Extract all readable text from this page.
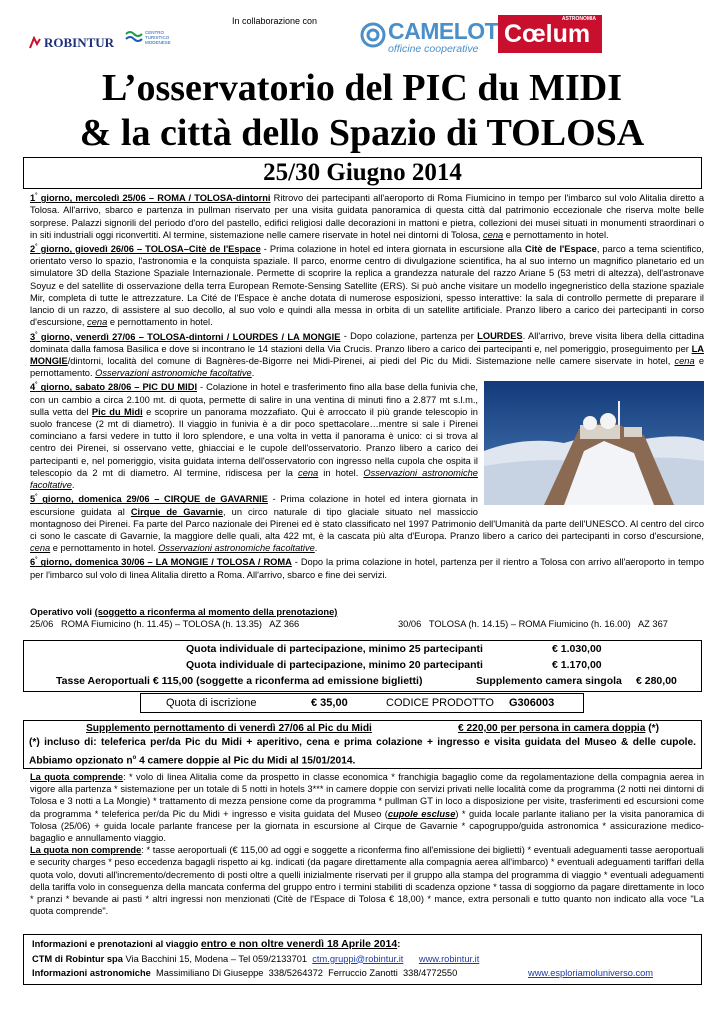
In collaborazione con
ROBINTUR
CENTRO
TURISTICO
MODENESE	CAMELOT
officine cooperative
ASTRONOMIA
Cœlum
L’osservatorio del PIC du MIDI
& la città dello Spazio di TOLOSA
25/30 Giugno 2014
1° giorno, mercoledì 25/06 – ROMA / TOLOSA-dintorni Ritrovo dei partecipanti all'aeroporto di Roma Fiumicino in tempo per l'imbarco sul volo Alitalia diretto a Tolosa. All'arrivo, sbarco e partenza in pullman riservato per una visita guidata panoramica di questa città dal patrimonio eccezionale che riserva molte belle sorprese. Palazzi signorili del periodo d'oro del pastello, edifici religiosi dalle decorazioni in mattoni e pietra, collezioni dei musei situati in monumenti straordinari o in siti industriali oggi riconvertiti. Al termine, sistemazione nelle camere riservate in hotel nei dintorni di Tolosa, cena e pernottamento in hotel.
2° giorno, giovedì 26/06 – TOLOSA–Citè de l'Espace - Prima colazione in hotel ed intera giornata in escursione alla Citè de l'Espace, parco a tema scientifico, orientato verso lo spazio, l'astronomia e la conquista spaziale. Il parco, enorme centro di divulgazione scientifica, ha al suo interno un magnifico planetario ed un simulatore 3D della Stazione Spaziale Internazionale. Permette di scoprire la replica a grandezza naturale del razzo Ariane 5 (53 metri di altezza), dell'astronave Soyuz e del satellite di osservazione della terra European Remote-Sensing Satellite (ERS). Si può anche visitare un modello ingegneristico della stazione spaziale Mir, completa di tutte le attrezzature. La Cité de l'Espace è anche dotata di numerose esposizioni, spesso interattive: la sala di controllo permette di preparare il lancio di un razzo, di assistere al suo decollo, al suo volo e quindi alla messa in orbita di un satellite artificiale. Pranzo libero a carico dei partecipanti in corso d'escursione, cena e pernottamento in hotel.
3° giorno, venerdì 27/06 – TOLOSA-dintorni / LOURDES / LA MONGIE - Dopo colazione, partenza per LOURDES. All'arrivo, breve visita libera della cittadina dominata dalla famosa Basilica e dove si incontrano le 14 stazioni della Via Crucis. Pranzo libero a carico dei partecipanti e, nel pomeriggio, proseguimento per LA MONGIE/dintorni, località del comune di Bagnères-de-Bigorre nei Midi-Pirenei, ai piedi del Pic du Midi. Sistemazione nelle camere siservate in hotel, cena e pernottamento. Osservazioni astronomiche facoltative.
4° giorno, sabato 28/06 – PIC DU MIDI - Colazione in hotel e trasferimento fino alla base della funivia che, con un cambio a circa 2.100 mt. di quota, permette di salire in una ventina di minuti fino a 2.877 mt s.l.m., sulla vetta del Pic du Midi e scoprire un panorama mozzafiato. Qui è arroccato il più grande telescopio in suolo francese (2 mt di diametro). Il viaggio in funivia è a dir poco spettacolare…mentre si sale i Pirenei cominciano a farsi vedere in tutto il loro splendore, e una volta in vetta il panorama è unico: ci si trova al centro dei Pirenei, si osservano vette, ghiacciai e le cupole dell'osservatorio. Pranzo libero a carico dei partecipanti e, nel pomeriggio, visita guidata interna dell'osservatorio con ingresso nella cupola che ospita il telescopio da 2 mt di diametro. Al termine, ridiscesa per la cena in hotel. Osservazioni astronomiche facoltative.
5° giorno, domenica 29/06 – CIRQUE de GAVARNIE - Prima colazione in hotel ed intera giornata in escursione guidata al Cirque de Gavarnie, un circo naturale di tipo glaciale situato nel massiccio montagnoso dei Pirenei. Fa parte del Parco nazionale dei Pirenei ed è stato classificato nel 1997 Patrimonio dell'Umanità da parte dell'UNESCO. Al centro del circo ci sono le cascate di Gavarnie, la maggiore delle quali, alta 422 mt, è la cascata più alta d'Europa. Pranzo libero a carico dei partecipanti in corso d'escursione, cena e pernottamento in hotel. Osservazioni astronomiche facoltative.
6° giorno, domenica 30/06 – LA MONGIE / TOLOSA / ROMA - Dopo la prima colazione in hotel, partenza per il rientro a Tolosa con arrivo all'aeroporto in tempo per l'imbarco sul volo di linea Alitalia diretto a Roma. All'arrivo, sbarco e fine dei servizi.
Operativo voli (soggetto a riconferma al momento della prenotazione)
25/06   ROMA Fiumicino (h. 11.45) – TOLOSA (h. 13.35)   AZ 366	30/06   TOLOSA (h. 14.15) – ROMA Fiumicino (h. 16.00)   AZ 367
Quota individuale di partecipazione, minimo 25 partecipanti	€ 1.030,00
Quota individuale di partecipazione, minimo 20 partecipanti	€ 1.170,00
Tasse Aeroportuali € 115,00 (soggette a riconferma ad emissione biglietti)	Supplemento camera singola € 280,00
Quota di iscrizione	€ 35,00	CODICE PRODOTTO G306003
Supplemento pernottamento di venerdì 27/06 al Pic du Midi	€ 220,00 per persona in camera doppia (*)
(*) incluso di: teleferica per/da Pic du Midi + aperitivo, cena e prima colazione + ingresso e visita guidata del Museo & delle cupole. Abbiamo opzionato $n^o$ 4 camere doppie al Pic du Midi al 15/01/2014.
La quota comprende: * volo di linea Alitalia come da prospetto in classe economica * franchigia bagaglio come da regolamentazione della compagnia aerea in vigore alla partenza * sistemazione per un totale di 5 notti in hotels 3*** in camere doppie con servizi privati nelle località come da programma (2 notti nei dintorni di Tolosa e 3 notti a La Mongie) * trattamento di mezza pensione come da programma * pullman GT in loco a disposizione per visite, trasferimenti ed escursioni come da programma * teleferica per/da Pic du Midi + ingresso e visita guidata del Museo (cupole escluse) * guida locale parlante italiano per la visita panoramica di Tolosa (25/06) + guida locale parlante francese per la giornata in escursione al Cirque de Gavarnie * capogruppo/guida astronomica * assicurazione medico-bagaglio e annullamento viaggio.
La quota non comprende: * tasse aeroportuali (€ 115,00 ad oggi e soggette a riconferma fino all'emissione dei biglietti) * eventuali adeguamenti tasse aeroportuali e security charges * peso eccedenza bagagli rispetto ai kg. indicati (da pagare direttamente alla compagnia aerea all'imbarco) * eventuali adeguamenti tariffari della quota volo, dovuti all'incremento/decremento di posti oltre a quelli inizialmente riservati per il gruppo alla stampa del programma di viaggio * eventuali adeguamenti della tariffa volo in conseguenza della mancata conferma del gruppo entro i termini stabiliti di scadenza opzione * tassa di soggiorno da pagare direttamente in loco * pranzi * bevande ai pasti * altri ingressi non menzionati (Citè de l'Espace di Tolosa € 18,00) * mance, extra personali e tutto quanto non indicato alla voce "La quota comprende".
Informazioni e prenotazioni al viaggio entro e non oltre venerdì 18 Aprile 2014:
CTM di Robintur spa Via Bacchini 15, Modena – Tel 059/2133701  ctm.gruppi@robintur.it www.robintur.it
Informazioni astronomiche  Massimiliano Di Giuseppe  338/5264372  Ferruccio Zanotti  338/4772550	www.esploriamoluniverso.com
